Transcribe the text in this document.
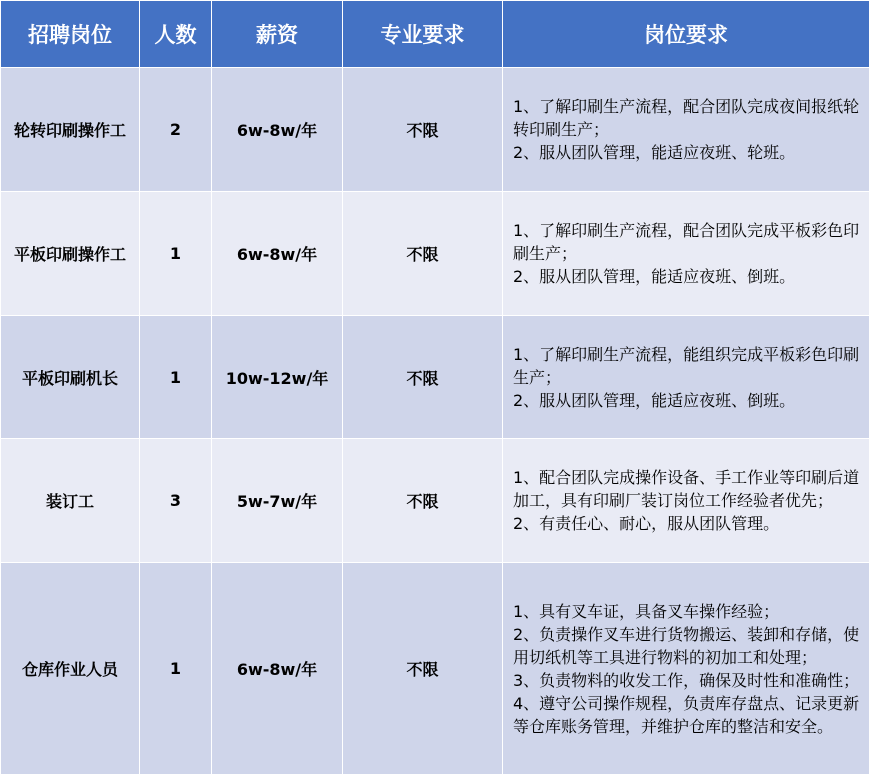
招聘岗位	人数	薪资	专业要求	岗位要求
轮转印刷操作工	2	6w-8w/年	不限	1、了解印刷生产流程，配合团队完成夜间报纸轮转印刷生产；
2、服从团队管理，能适应夜班、轮班。

平板印刷操作工	1	6w-8w/年	不限	1、了解印刷生产流程，配合团队完成平板彩色印刷生产；
2、服从团队管理，能适应夜班、倒班。

平板印刷机长	1	10w-12w/年	不限	1、了解印刷生产流程，能组织完成平板彩色印刷生产；
2、服从团队管理，能适应夜班、倒班。

装订工	3	5w-7w/年	不限	1、配合团队完成操作设备、手工作业等印刷后道加工，具有印刷厂装订岗位工作经验者优先；
2、有责任心、耐心，服从团队管理。

仓库作业人员	1	6w-8w/年	不限	1、具有叉车证，具备叉车操作经验；
2、负责操作叉车进行货物搬运、装卸和存储，使用切纸机等工具进行物料的初加工和处理；
3、负责物料的收发工作，确保及时性和准确性；
4、遵守公司操作规程，负责库存盘点、记录更新等仓库账务管理，并维护仓库的整洁和安全。
